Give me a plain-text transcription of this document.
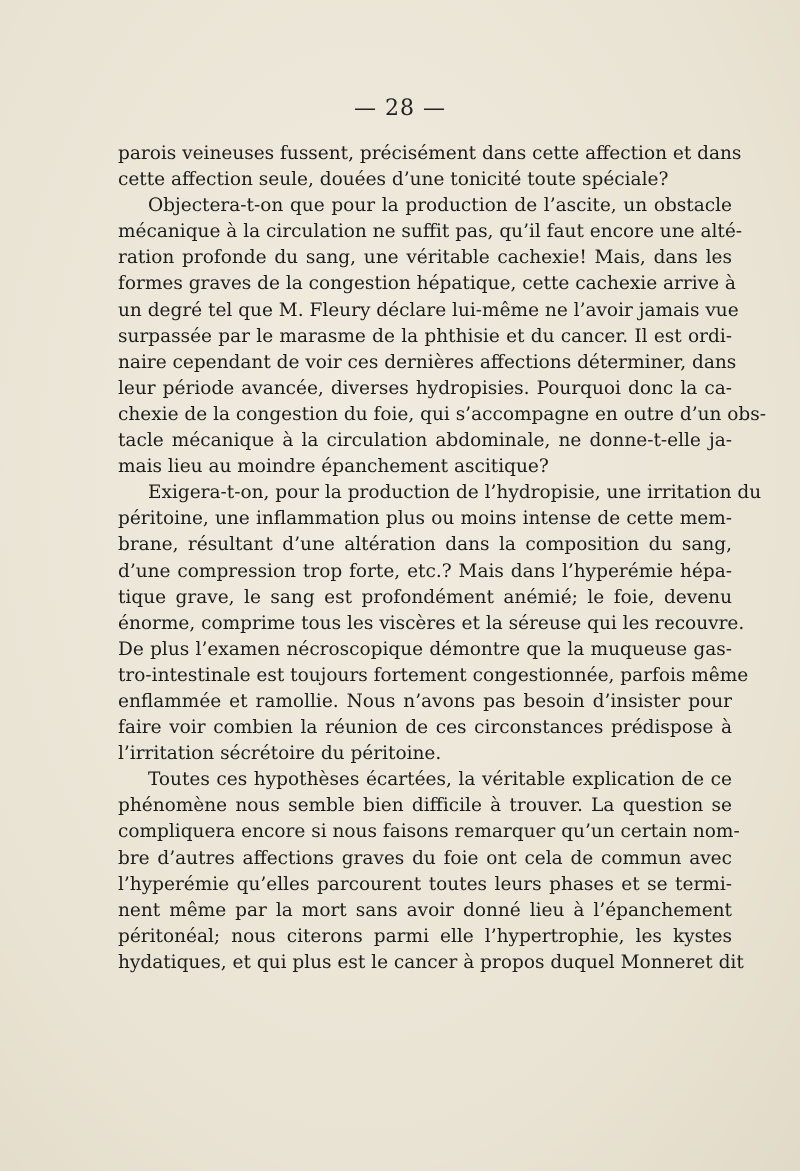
— 28 —
parois veineuses fussent, précisément dans cette affection et dans
cette affection seule, douées d’une tonicité toute spéciale?
Objectera-t-on que pour la production de l’ascite, un obstacle
mécanique à la circulation ne suffit pas, qu’il faut encore une alté-
ration profonde du sang, une véritable cachexie! Mais, dans les
formes graves de la congestion hépatique, cette cachexie arrive à
un degré tel que M. Fleury déclare lui-même ne l’avoir jamais vue
surpassée par le marasme de la phthisie et du cancer. Il est ordi-
naire cependant de voir ces dernières affections déterminer, dans
leur période avancée, diverses hydropisies. Pourquoi donc la ca-
chexie de la congestion du foie, qui s’accompagne en outre d’un obs-
tacle mécanique à la circulation abdominale, ne donne-t-elle ja-
mais lieu au moindre épanchement ascitique?
Exigera-t-on, pour la production de l’hydropisie, une irritation du
péritoine, une inflammation plus ou moins intense de cette mem-
brane, résultant d’une altération dans la composition du sang,
d’une compression trop forte, etc.? Mais dans l’hyperémie hépa-
tique grave, le sang est profondément anémié; le foie, devenu
énorme, comprime tous les viscères et la séreuse qui les recouvre.
De plus l’examen nécroscopique démontre que la muqueuse gas-
tro-intestinale est toujours fortement congestionnée, parfois même
enflammée et ramollie. Nous n’avons pas besoin d’insister pour
faire voir combien la réunion de ces circonstances prédispose à
l’irritation sécrétoire du péritoine.
Toutes ces hypothèses écartées, la véritable explication de ce
phénomène nous semble bien difficile à trouver. La question se
compliquera encore si nous faisons remarquer qu’un certain nom-
bre d’autres affections graves du foie ont cela de commun avec
l’hyperémie qu’elles parcourent toutes leurs phases et se termi-
nent même par la mort sans avoir donné lieu à l’épanchement
péritonéal; nous citerons parmi elle l’hypertrophie, les kystes
hydatiques, et qui plus est le cancer à propos duquel Monneret dit
